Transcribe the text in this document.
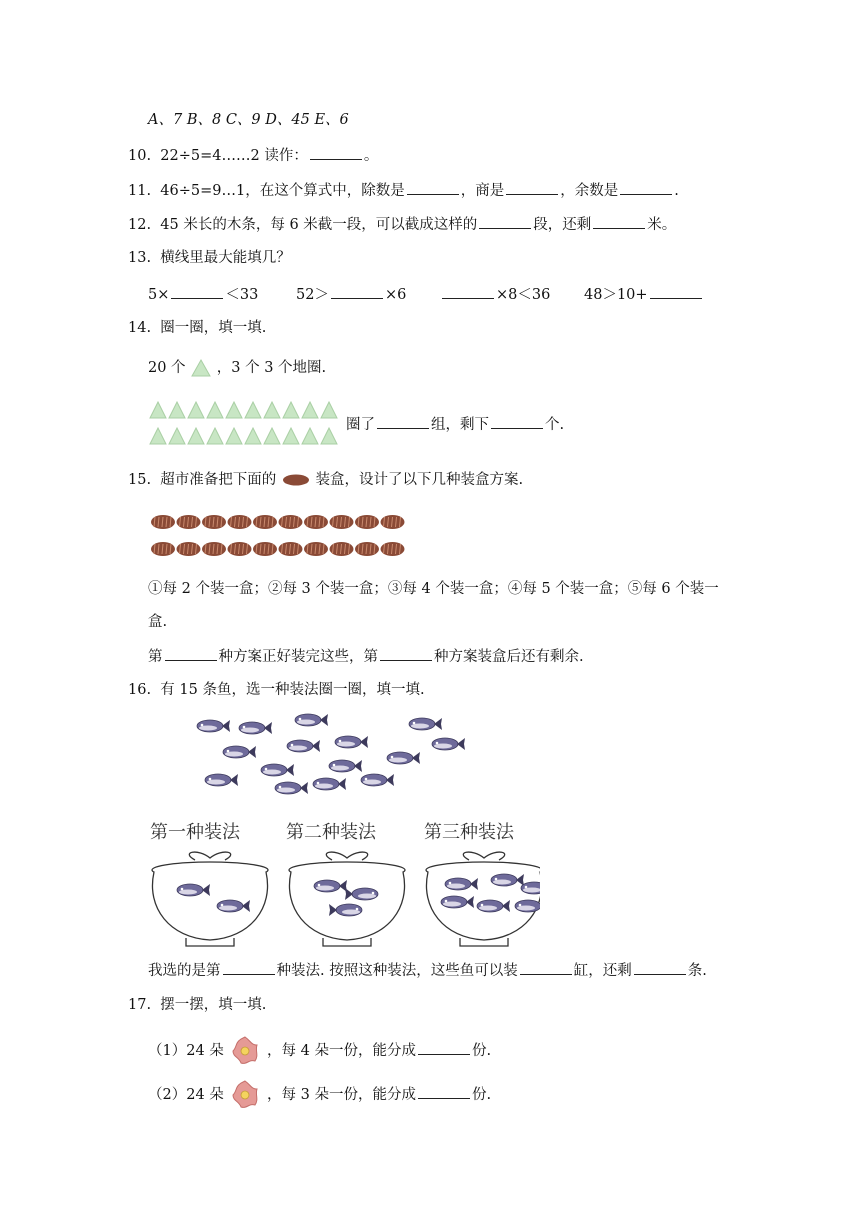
A、7 B、8 C、9 D、45 E、6
10. 22÷5=4……2 读作：	。
11. 46÷5=9…1，在这个算式中，除数是	，商是	，余数是	.
12. 45 米长的木条，每 6 米截一段，可以截成这样的	段，还剩	米。
13. 横线里最大能填几？
5×	＜33	52＞	×6	×8＜36 48＞10+
14. 圈一圈，填一填.
20 个 ，3 个 3 个地圈.
圈了	组，剩下	个.
15. 超市准备把下面的	装盒，设计了以下几种装盒方案.
①每 2 个装一盒；②每 3 个装一盒；③每 4 个装一盒；④每 5 个装一盒；⑤每 6 个装一
盒.
第	种方案正好装完这些，第	种方案装盒后还有剩余.
16. 有 15 条鱼，选一种装法圈一圈，填一填.
第一种装法	第二种装法	第三种装法
我选的是第	种装法. 按照这种装法，这些鱼可以装	缸，还剩	条.
17. 摆一摆，填一填.
（1）24 朵	，每 4 朵一份，能分成	份.
（2）24 朵	，每 3 朵一份，能分成	份.
